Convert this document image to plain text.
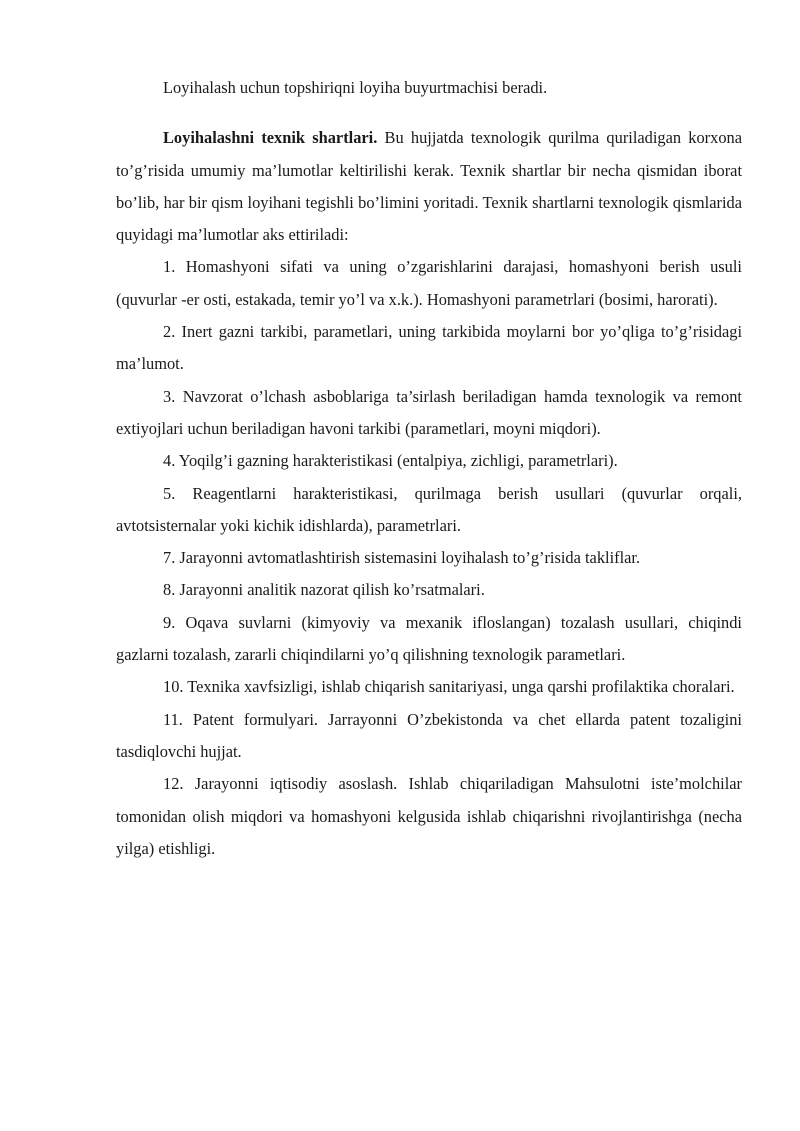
Loyihalash uchun topshiriqni loyiha buyurtmachisi beradi.

Loyihalashni texnik shartlari. Bu hujjatda texnologik qurilma quriladigan korxona to’g’risida umumiy ma’lumotlar keltirilishi kerak. Texnik shartlar bir necha qismidan iborat bo’lib, har bir qism loyihani tegishli bo’limini yoritadi. Texnik shartlarni texnologik qismlarida quyidagi ma’lumotlar aks ettiriladi:

1. Homashyoni sifati va uning o’zgarishlarini darajasi, homashyoni berish usuli (quvurlar -er osti, estakada, temir yo’l va x.k.). Homashyoni parametrlari (bosimi, harorati).

2. Inert gazni tarkibi, parametlari, uning tarkibida moylarni bor yo’qliga to’g’risidagi ma’lumot.

3. Navzorat o’lchash asboblariga ta’sirlash beriladigan hamda texnologik va remont extiyojlari uchun beriladigan havoni tarkibi (parametlari, moyni miqdori).

4. Yoqilg’i gazning harakteristikasi (entalpiya, zichligi, parametrlari).

5. Reagentlarni harakteristikasi, qurilmaga berish usullari (quvurlar orqali, avtotsisternalar yoki kichik idishlarda), parametrlari.

7. Jarayonni avtomatlashtirish sistemasini loyihalash to’g’risida takliflar.

8. Jarayonni analitik nazorat qilish ko’rsatmalari.

9. Oqava suvlarni (kimyoviy va mexanik ifloslangan) tozalash usullari, chiqindi gazlarni tozalash, zararli chiqindilarni yo’q qilishning texnologik parametlari.

10. Texnika xavfsizligi, ishlab chiqarish sanitariyasi, unga qarshi profilaktika choralari.

11. Patent formulyari. Jarrayonni O’zbekistonda va chet ellarda patent tozaligini tasdiqlovchi hujjat.

12. Jarayonni iqtisodiy asoslash. Ishlab chiqariladigan Mahsulotni iste’molchilar tomonidan olish miqdori va homashyoni kelgusida ishlab chiqarishni rivojlantirishga (necha yilga) etishligi.
